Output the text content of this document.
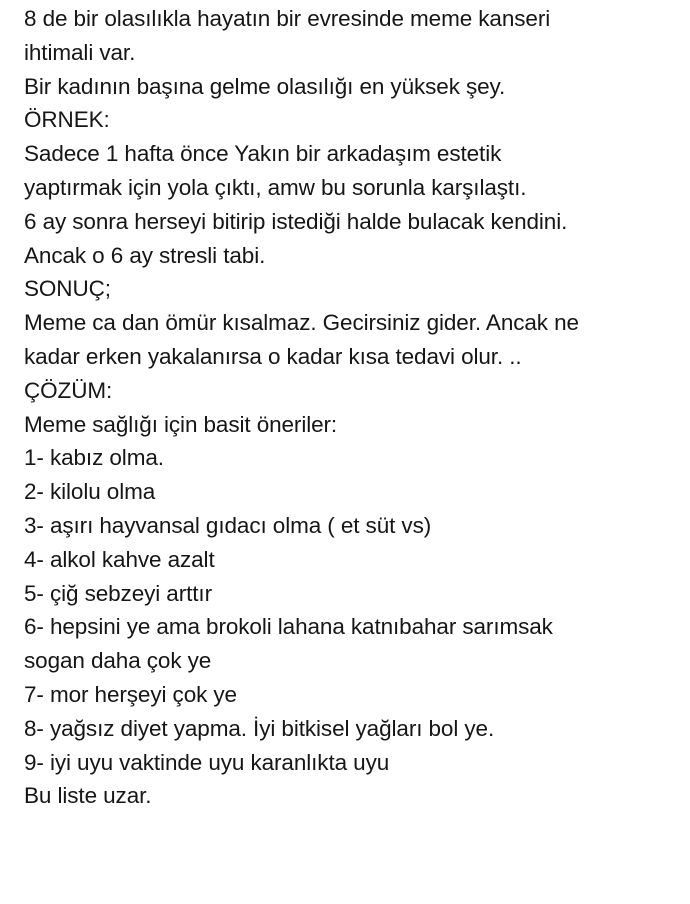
8 de bir olasılıkla hayatın bir evresinde meme kanseri
ihtimali var.
Bir kadının başına gelme olasılığı en yüksek şey.
ÖRNEK:
Sadece 1 hafta önce Yakın bir arkadaşım estetik
yaptırmak için yola çıktı, amw bu sorunla karşılaştı.
6 ay sonra herseyi bitirip istediği halde bulacak kendini.
Ancak o 6 ay stresli tabi.
SONUÇ;
Meme ca dan ömür kısalmaz. Gecirsiniz gider. Ancak ne
kadar erken yakalanırsa o kadar kısa tedavi olur. ..
ÇÖZÜM:
Meme sağlığı için basit öneriler:
1- kabız olma.
2- kilolu olma
3- aşırı hayvansal gıdacı olma ( et süt vs)
4- alkol kahve azalt
5- çiğ sebzeyi arttır
6- hepsini ye ama brokoli lahana katnıbahar sarımsak
sogan daha çok ye
7- mor herşeyi çok ye
8- yağsız diyet yapma. İyi bitkisel yağları bol ye.
9- iyi uyu vaktinde uyu karanlıkta uyu
Bu liste uzar.
